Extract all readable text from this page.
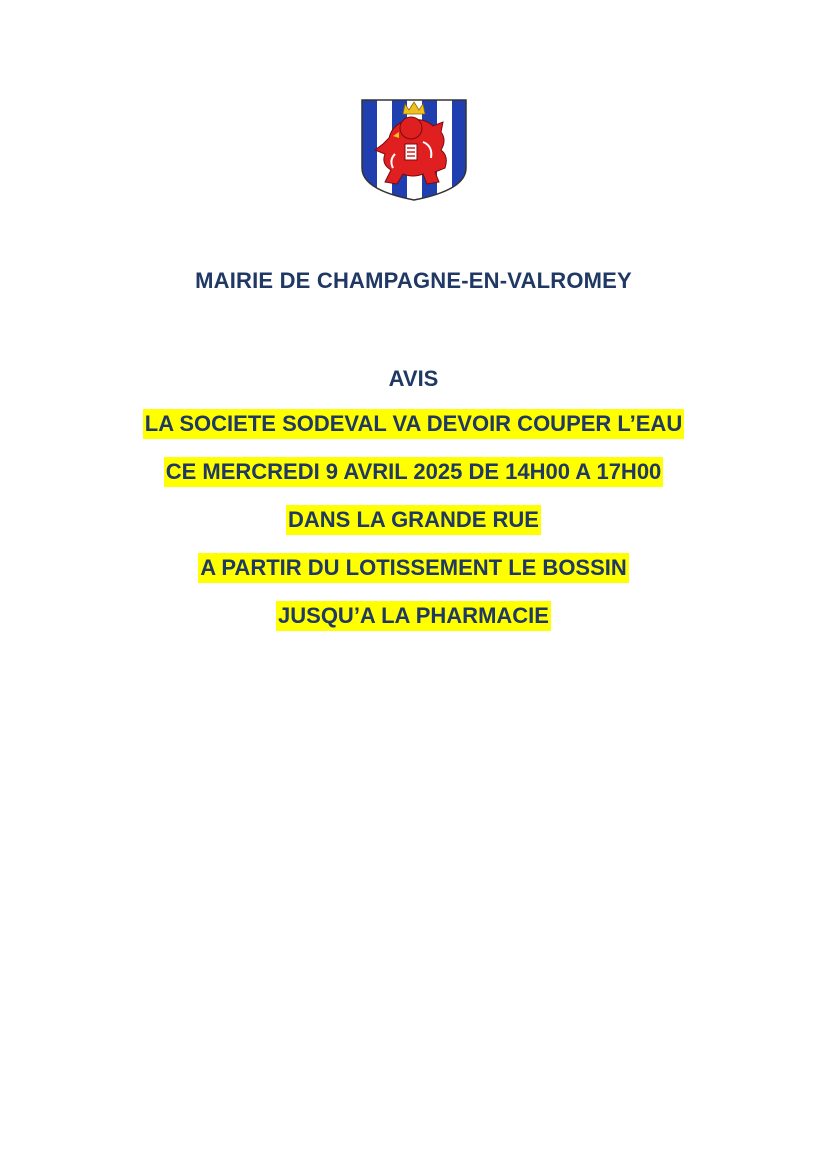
MAIRIE DE CHAMPAGNE-EN-VALROMEY
AVIS
LA SOCIETE SODEVAL VA DEVOIR COUPER L’EAU
CE MERCREDI 9 AVRIL 2025 DE 14H00 A 17H00
DANS LA GRANDE RUE
A PARTIR DU LOTISSEMENT LE BOSSIN
JUSQU’A LA PHARMACIE
